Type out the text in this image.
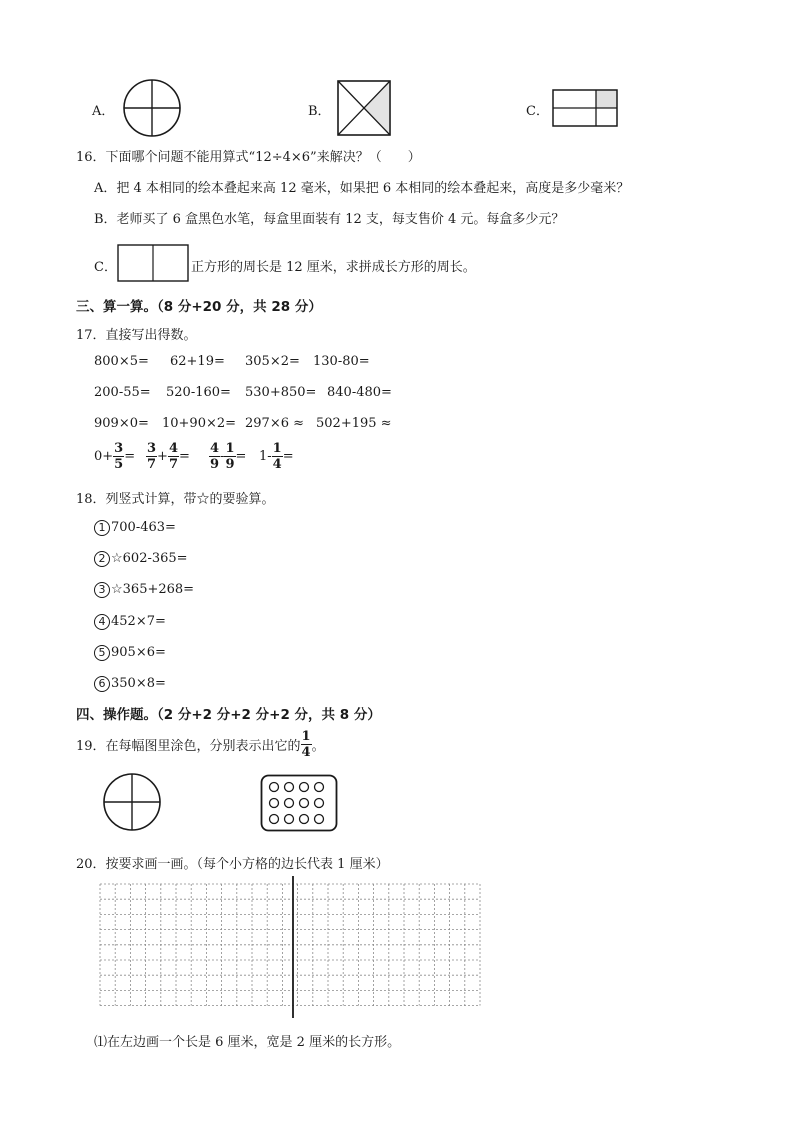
A．	B．	C．
16．下面哪个问题不能用算式“12÷4×6”来解决？（　　）
A．把 4 本相同的绘本叠起来高 12 毫米，如果把 6 本相同的绘本叠起来，高度是多少毫米？
B．老师买了 6 盒黑色水笔，每盒里面装有 12 支，每支售价 4 元。每盒多少元？
C．	正方形的周长是 12 厘米，求拼成长方形的周长。
三、算一算。（8 分+20 分，共 28 分）
17．直接写出得数。
800×5= 62+19= 305×2= 130-80=
200-55= 520-160= 530+850= 840-480=
909×0= 10+90×2= 297×6 ≈ 502+195 ≈
$0+ \frac{3}{5} = \frac{3}{7} + \frac{4}{7} = \frac{4}{9} - \frac{1}{9} = 1- \frac{1}{4}$ =
18．列竖式计算，带☆的要验算。
1 700-463=
2 ☆602-365=
3 ☆365+268=
4 452×7=
5 905×6=
6 350×8=
四、操作题。（2 分+2 分+2 分+2 分，共 8 分）
19．在每幅图里涂色，分别表示出它的 $\frac{1}{4}$ 。
20．按要求画一画。（每个小方格的边长代表 1 厘米）
⑴在左边画一个长是 6 厘米，宽是 2 厘米的长方形。
